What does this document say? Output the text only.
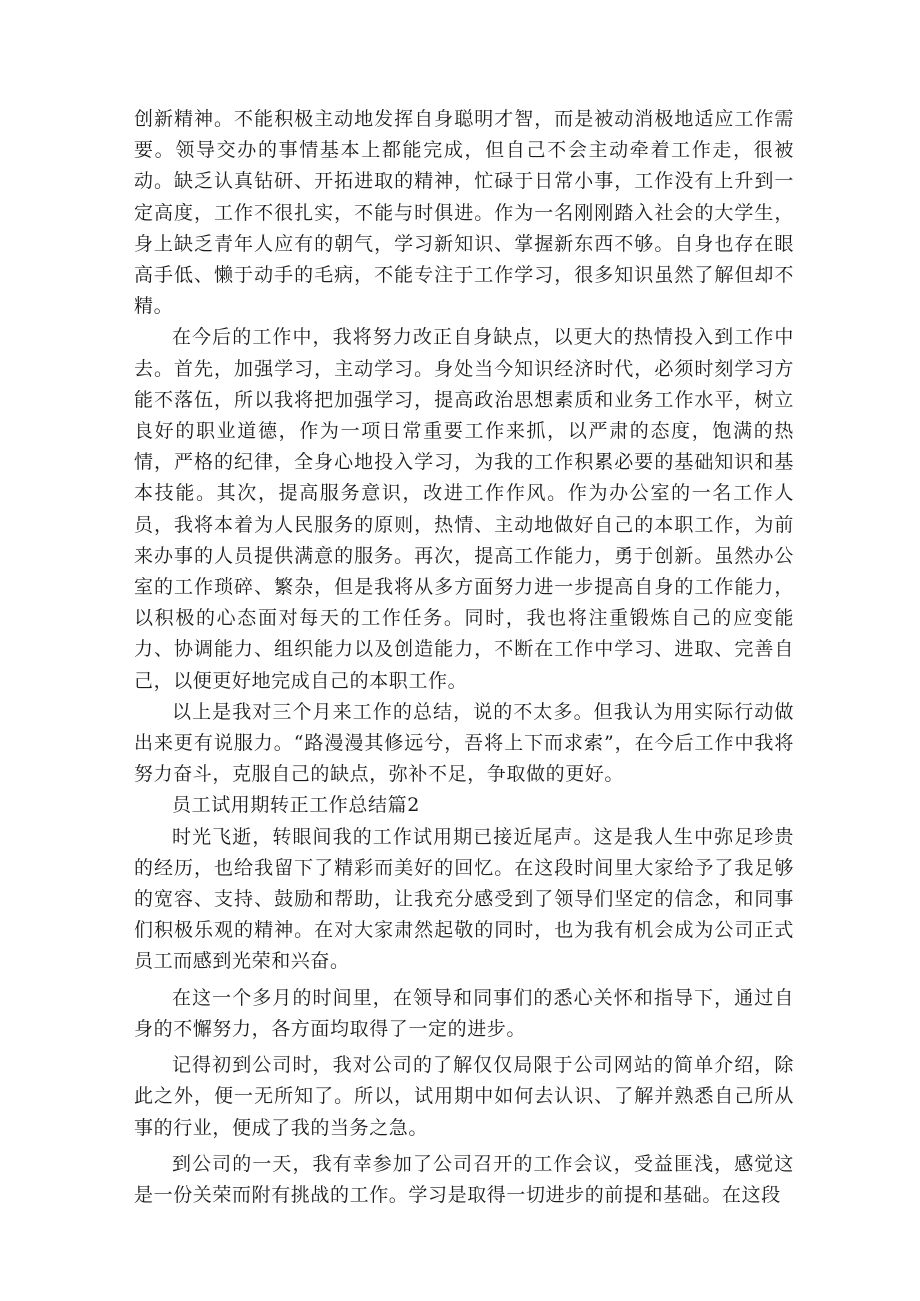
创新精神。不能积极主动地发挥自身聪明才智，而是被动消极地适应工作需要。领导交办的事情基本上都能完成，但自己不会主动牵着工作走，很被动。缺乏认真钻研、开拓进取的精神，忙碌于日常小事，工作没有上升到一定高度，工作不很扎实，不能与时俱进。作为一名刚刚踏入社会的大学生，身上缺乏青年人应有的朝气，学习新知识、掌握新东西不够。自身也存在眼高手低、懒于动手的毛病，不能专注于工作学习，很多知识虽然了解但却不精。

在今后的工作中，我将努力改正自身缺点，以更大的热情投入到工作中去。首先，加强学习，主动学习。身处当今知识经济时代，必须时刻学习方能不落伍，所以我将把加强学习，提高政治思想素质和业务工作水平，树立良好的职业道德，作为一项日常重要工作来抓，以严肃的态度，饱满的热情，严格的纪律，全身心地投入学习，为我的工作积累必要的基础知识和基本技能。其次，提高服务意识，改进工作作风。作为办公室的一名工作人员，我将本着为人民服务的原则，热情、主动地做好自己的本职工作，为前来办事的人员提供满意的服务。再次，提高工作能力，勇于创新。虽然办公室的工作琐碎、繁杂，但是我将从多方面努力进一步提高自身的工作能力，以积极的心态面对每天的工作任务。同时，我也将注重锻炼自己的应变能力、协调能力、组织能力以及创造能力，不断在工作中学习、进取、完善自己，以便更好地完成自己的本职工作。

以上是我对三个月来工作的总结，说的不太多。但我认为用实际行动做出来更有说服力。“路漫漫其修远兮，吾将上下而求索”，在今后工作中我将努力奋斗，克服自己的缺点，弥补不足，争取做的更好。

员工试用期转正工作总结篇2

时光飞逝，转眼间我的工作试用期已接近尾声。这是我人生中弥足珍贵的经历，也给我留下了精彩而美好的回忆。在这段时间里大家给予了我足够的宽容、支持、鼓励和帮助，让我充分感受到了领导们坚定的信念，和同事们积极乐观的精神。在对大家肃然起敬的同时，也为我有机会成为公司正式员工而感到光荣和兴奋。

在这一个多月的时间里，在领导和同事们的悉心关怀和指导下，通过自身的不懈努力，各方面均取得了一定的进步。

记得初到公司时，我对公司的了解仅仅局限于公司网站的简单介绍，除此之外，便一无所知了。所以，试用期中如何去认识、了解并熟悉自己所从事的行业，便成了我的当务之急。

到公司的一天，我有幸参加了公司召开的工作会议，受益匪浅，感觉这是一份关荣而附有挑战的工作。学习是取得一切进步的前提和基础。在这段
